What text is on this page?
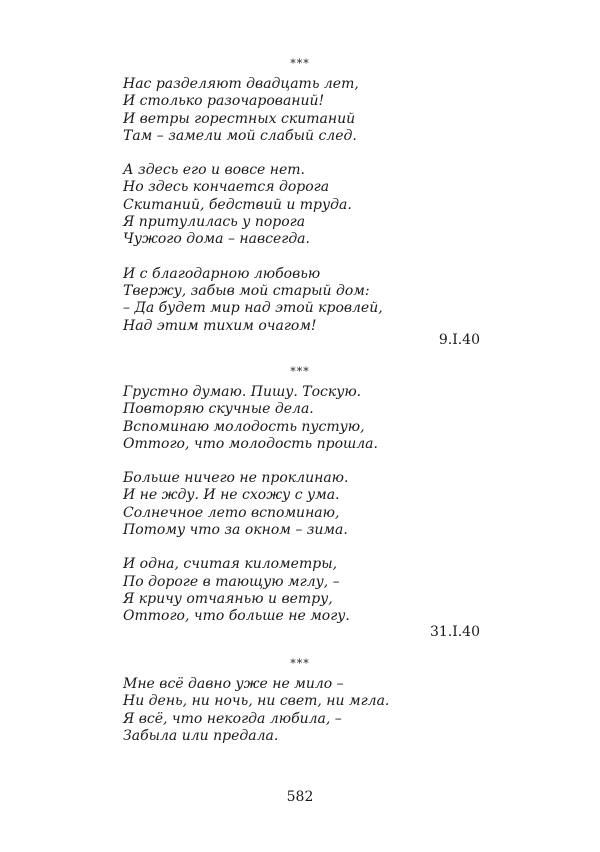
***
Нас разделяют двадцать лет,
И столько разочарований!
И ветры горестных скитаний
Там – замели мой слабый след.
А здесь его и вовсе нет.
Но здесь кончается дорога
Скитаний, бедствий и труда.
Я притулилась у порога
Чужого дома – навсегда.
И с благодарною любовью
Твержу, забыв мой старый дом:
– Да будет мир над этой кровлей,
Над этим тихим очагом!
9.I.40
***
Грустно думаю. Пишу. Тоскую.
Повторяю скучные дела.
Вспоминаю молодость пустую,
Оттого, что молодость прошла.
Больше ничего не проклинаю.
И не жду. И не схожу с ума.
Солнечное лето вспоминаю,
Потому что за окном – зима.
И одна, считая километры,
По дороге в тающую мглу, –
Я кричу отчаянью и ветру,
Оттого, что больше не могу.
31.I.40
***
Мне всё давно уже не мило –
Ни день, ни ночь, ни свет, ни мгла.
Я всё, что некогда любила, –
Забыла или предала.
582
